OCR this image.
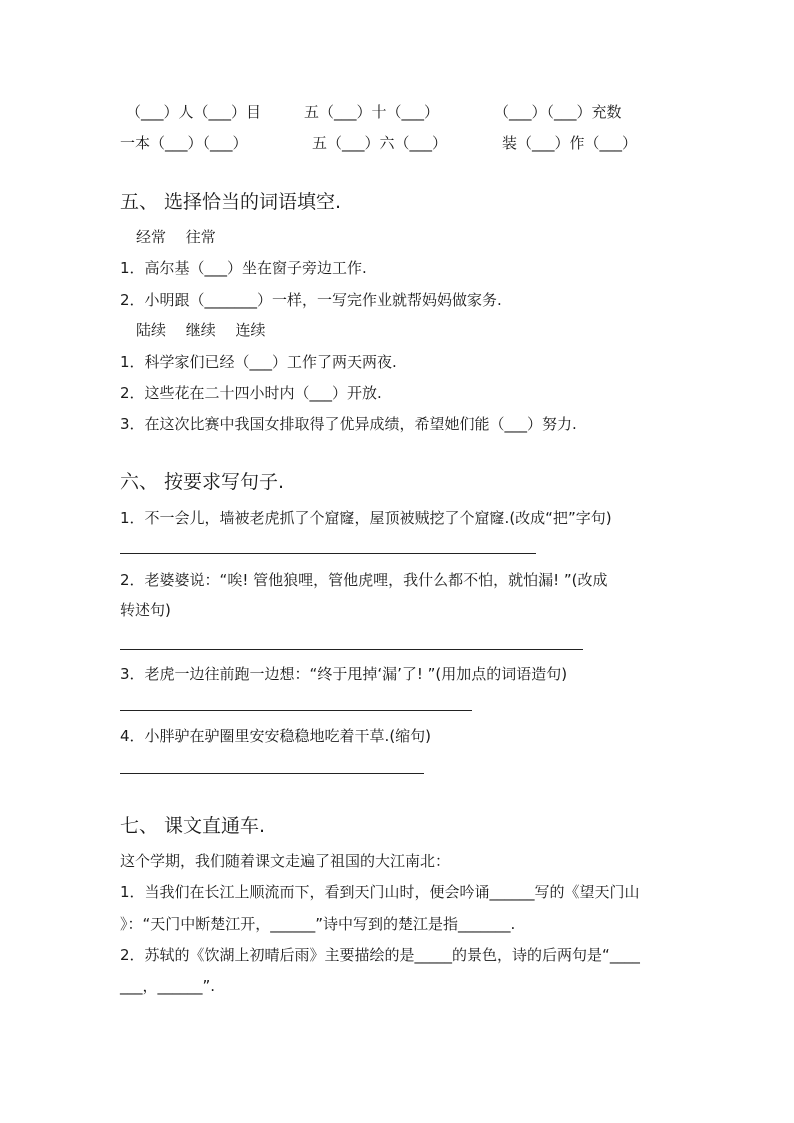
（___）人（___）目	五（___）十（___）	（___）（___）充数
一本（___）（___）	五（___）六（___）	装（___）作（___）
五、 选择恰当的词语填空.
经常　 往常
1．高尔基（___）坐在窗子旁边工作.
2．小明跟（_______）一样，一写完作业就帮妈妈做家务.
陆续　 继续　 连续
1．科学家们已经（___）工作了两天两夜.
2．这些花在二十四小时内（___）开放.
3．在这次比赛中我国女排取得了优异成绩，希望她们能（___）努力.
六、 按要求写句子.
1．不一会儿，墙被老虎抓了个窟窿，屋顶被贼挖了个窟窿.(改成“把”字句)
2．老婆婆说：“唉! 管他狼哩，管他虎哩，我什么都不怕，就怕漏! ”(改成
转述句)
3．老虎一边往前跑一边想：“终于甩掉‘漏’了! ”(用加点的词语造句)
4．小胖驴在驴圈里安安稳稳地吃着干草.(缩句)
七、 课文直通车.
这个学期，我们随着课文走遍了祖国的大江南北：
1．当我们在长江上顺流而下，看到天门山时，便会吟诵______写的《望天门山
》：“天门中断楚江开，______”诗中写到的楚江是指_______.
2．苏轼的《饮湖上初晴后雨》主要描绘的是_____的景色，诗的后两句是“____
___，______”.
